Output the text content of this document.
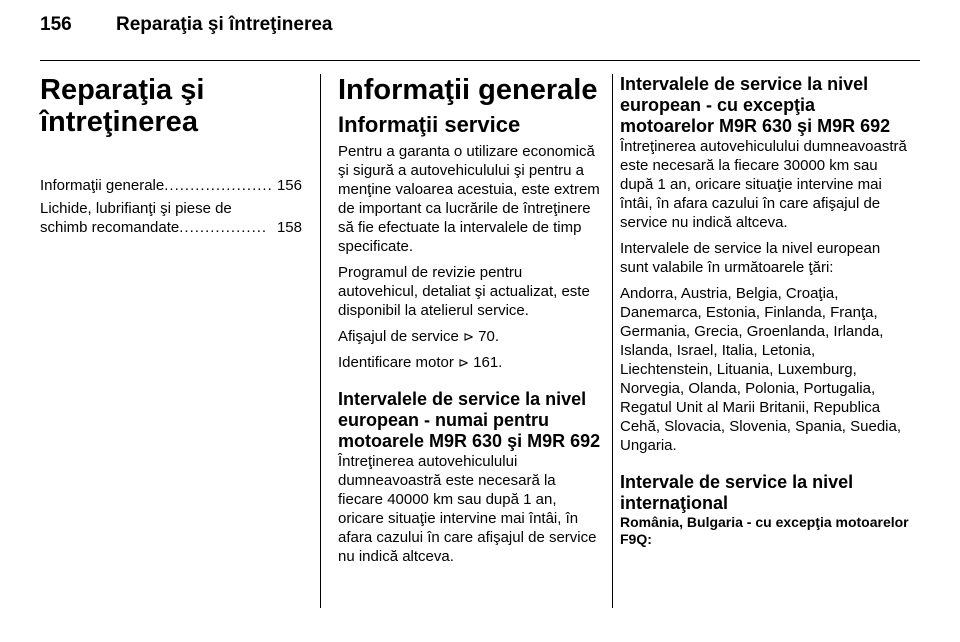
156 Reparaţia şi întreţinerea
Reparaţia şi întreţinerea
Informaţii generale ..................... 156
Lichide, lubrifianţi şi piese de
schimb recomandate ................. 158
Informaţii generale
Informaţii service

Pentru a garanta o utilizare economică şi sigură a autovehiculului şi pentru a menţine valoarea acestuia, este extrem de important ca lucrările de întreţinere să fie efectuate la intervalele de timp specificate.

Programul de revizie pentru autovehicul, detaliat şi actualizat, este disponibil la atelierul service.

Afişajul de service ⊳ 70.

Identificare motor ⊳ 161.

Intervalele de service la nivel european - numai pentru motoarele M9R 630 şi M9R 692

Întreţinerea autovehiculului dumneavoastră este necesară la fiecare 40000 km sau după 1 an, oricare situaţie intervine mai întâi, în afara cazului în care afişajul de service nu indică altceva.

Intervalele de service la nivel european - cu excepţia motoarelor M9R 630 şi M9R 692

Întreţinerea autovehiculului dumneavoastră este necesară la fiecare 30000 km sau după 1 an, oricare situaţie intervine mai întâi, în afara cazului în care afişajul de service nu indică altceva.

Intervalele de service la nivel european sunt valabile în următoarele ţări:

Andorra, Austria, Belgia, Croaţia, Danemarca, Estonia, Finlanda, Franţa, Germania, Grecia, Groenlanda, Irlanda, Islanda, Israel, Italia, Letonia, Liechtenstein, Lituania, Luxemburg, Norvegia, Olanda, Polonia, Portugalia, Regatul Unit al Marii Britanii, Republica Cehă, Slovacia, Slovenia, Spania, Suedia, Ungaria.

Intervale de service la nivel internaţional
România, Bulgaria - cu excepţia motoarelor F9Q:
